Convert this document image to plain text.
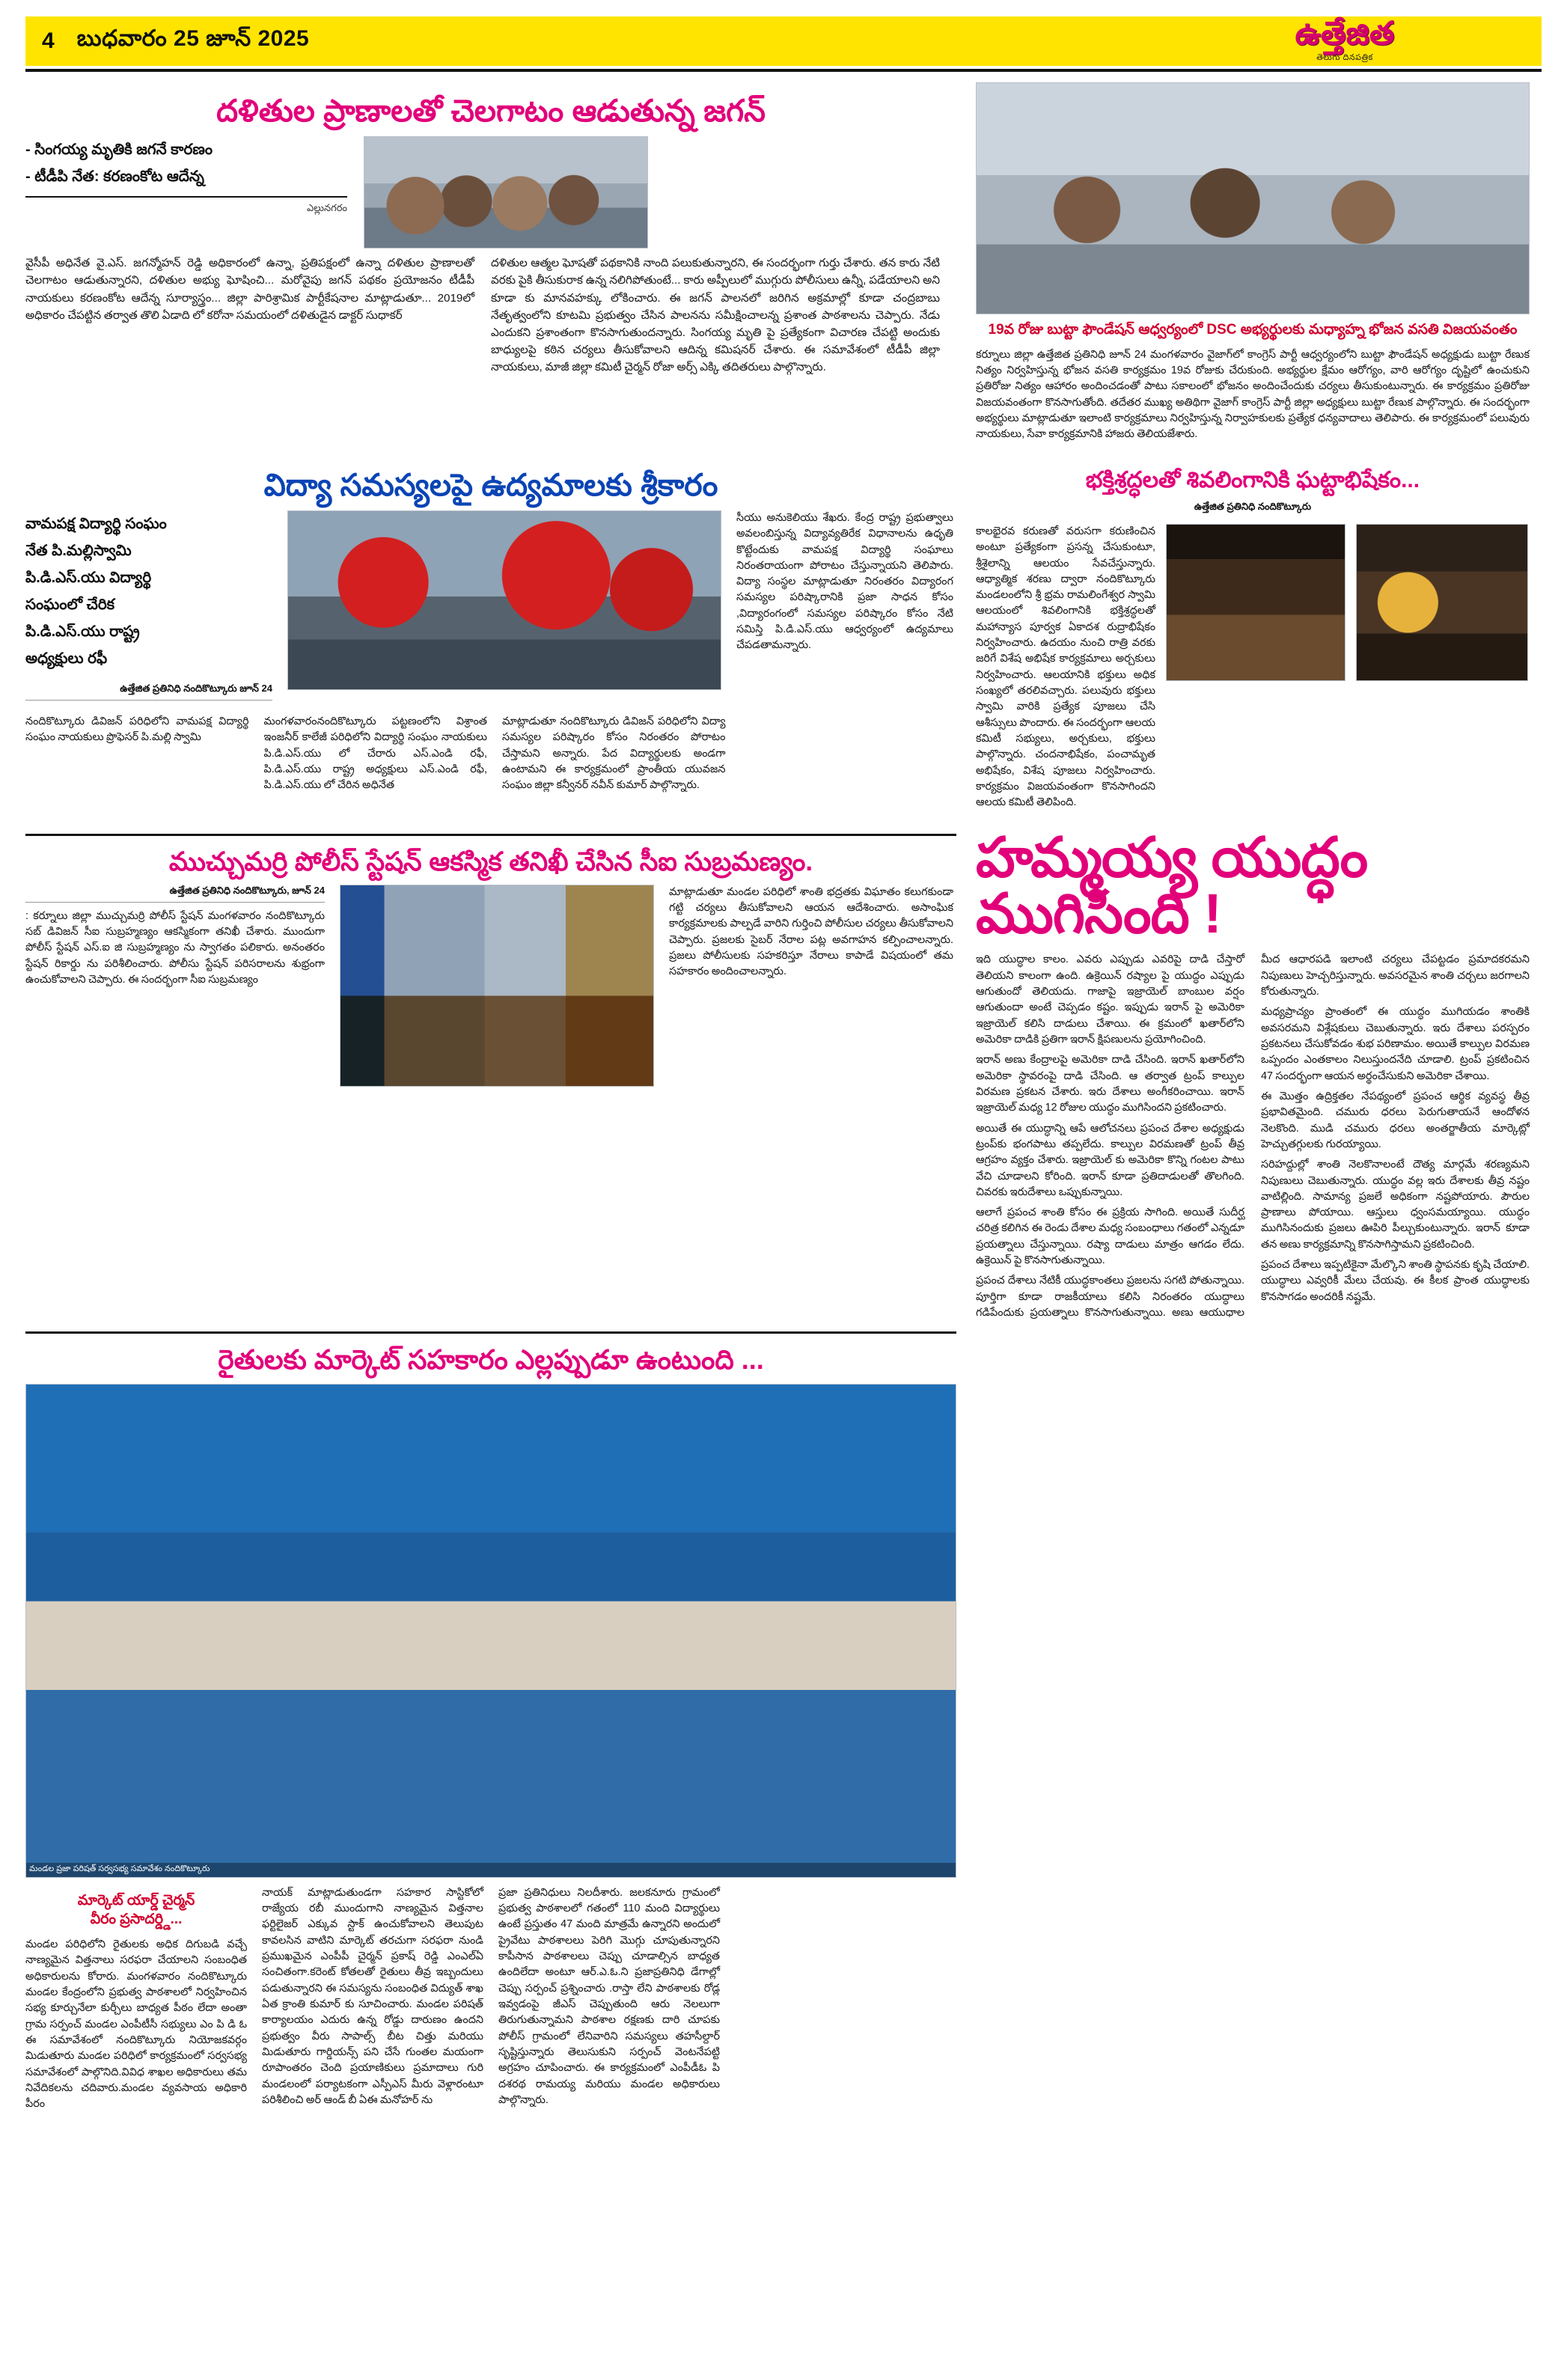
4 బుధవారం 25 జూన్ 2025	ఉత్తేజిత
తెలుగు దినపత్రిక
దళితుల ప్రాణాలతో చెలగాటం ఆడుతున్న జగన్
- సింగయ్య మృతికి జగనే కారణం
- టీడీపి నేత: కరణంకోట ఆదేన్న
ఎల్లునగరం
వైసీపీ అధినేత వై.ఎస్. జగన్మోహన్ రెడ్డి అధికారంలో ఉన్నా, ప్రతిపక్షంలో ఉన్నా దళితుల ప్రాణాలతో చెలగాటం ఆడుతున్నారని, దళితుల అభ్యు ఘోషించి... మరోవైపు జగన్ పథకం ప్రయోజనం టీడీపీ నాయకులు కరణంకోట ఆదేన్న సూర్యాస్త్రం... జిల్లా పారిశ్రామిక పార్టీకేషనాల మాట్లాడుతూ... 2019లో అధికారం చేపట్టిన తర్వాత తొలి ఏడాది లో కరోనా సమయంలో దళితుడైన డాక్టర్ సుధాకర్
దళితుల ఆత్మల ఘోషతో పథకానికి నాంది పలుకుతున్నారని, ఈ సందర్భంగా గుర్తు చేశారు. తన కారు నేటి వరకు పైకి తీసుకురాక ఉన్న నలిగిపోతుంటే... కారు అప్పీలులో ముగ్గురు పోలీసులు ఉన్నీ, పడేయాలని అని కూడా కు మానవహక్కు లోకించారు. ఈ జగన్ పాలనలో జరిగిన అక్రమాల్లో కూడా చంద్రబాబు నేతృత్వంలోని కూటమి ప్రభుత్వం చేసిన పాలనను సమీక్షించాలన్న ప్రశాంత పాఠశాలను చెప్పారు. నేడు ఎందుకని ప్రశాంతంగా కొనసాగుతుందన్నారు. సింగయ్య మృతి పై ప్రత్యేకంగా విచారణ చేపట్టి అందుకు బాధ్యులపై కఠిన చర్యలు తీసుకోవాలని ఆదిన్న కమిషనర్ చేశారు. ఈ సమావేశంలో టీడీపీ జిల్లా నాయకులు, మాజీ జిల్లా కమిటీ చైర్మన్ రోజా అర్స్ ఎక్కి తదితరులు పాల్గొన్నారు.
19వ రోజు బుట్టా ఫౌండేషన్ ఆధ్వర్యంలో DSC అభ్యర్థులకు మధ్యాహ్న భోజన వసతి విజయవంతం
కర్నూలు జిల్లా ఉత్తేజిత ప్రతినిధి జూన్ 24 మంగళవారం వైజాగ్‌లో కాంగ్రెస్ పార్టీ ఆధ్వర్యంలోని బుట్టా ఫౌండేషన్ అధ్యక్షుడు బుట్టా రేణుక నిత్యం నిర్వహిస్తున్న భోజన వసతి కార్యక్రమం 19వ రోజుకు చేరుకుంది. అభ్యర్థుల క్షేమం ఆరోగ్యం, వారి ఆరోగ్యం దృష్టిలో ఉంచుకుని ప్రతిరోజు నిత్యం ఆహారం అందించడంతో పాటు సకాలంలో భోజనం అందించేందుకు చర్యలు తీసుకుంటున్నారు. ఈ కార్యక్రమం ప్రతిరోజు విజయవంతంగా కొనసాగుతోంది. తదేతర ముఖ్య అతిథిగా వైజాగ్ కాంగ్రెస్ పార్టీ జిల్లా అధ్యక్షులు బుట్టా రేణుక పాల్గొన్నారు. ఈ సందర్భంగా అభ్యర్థులు మాట్లాడుతూ ఇలాంటి కార్యక్రమాలు నిర్వహిస్తున్న నిర్వాహకులకు ప్రత్యేక ధన్యవాదాలు తెలిపారు. ఈ కార్యక్రమంలో పలువురు నాయకులు, సేవా కార్యక్రమానికి హాజరు తెలియజేశారు.
విద్యా సమస్యలపై ఉద్యమాలకు శ్రీకారం
వామపక్ష విద్యార్థి సంఘం
నేత పి.మల్లిస్వామి
పి.డి.ఎస్.యు విద్యార్థి
సంఘంలో చేరిక
పి.డి.ఎస్.యు రాష్ట్ర
అధ్యక్షులు రఫీ
ఉత్తేజిత ప్రతినిధి నంది‌కొట్కూరు జూన్ 24
సీయు అనుకెలియు శేఖరు. కేంద్ర రాష్ట్ర ప్రభుత్వాలు అవలంబిస్తున్న విద్యావ్యతిరేక విధానాలను ఉధృతి కొట్టేందుకు వామపక్ష విద్యార్థి సంఘాలు నిరంతరాయంగా పోరాటం చేస్తున్నాయని తెలిపారు. విద్యా సంస్థల మాట్లాడుతూ నిరంతరం విద్యారంగ సమస్యల పరిష్కారానికి ప్రజా సాధన కోసం ,విద్యారంగంలో సమస్యల పరిష్కారం కోసం నేటి సమిస్తి పి.డి.ఎస్.యు ఆధ్వర్యంలో ఉద్యమాలు చేపడతామన్నారు.
నంది‌కొట్కూరు డివిజన్ పరిధిలోని వామపక్ష విద్యార్థి సంఘం నాయకులు ప్రొఫెసర్ పి.మల్లి స్వామి
మంగళవారంనంది‌కొట్కూరు పట్టణంలోని విశ్రాంత ఇంజనీర్ కాలేజీ పరిధిలోని విద్యార్థి సంఘం నాయకులు పి.డి.ఎస్.యు లో చేరారు ఎస్.ఎండి రఫీ, పి.డి.ఎస్.యు రాష్ట్ర అధ్యక్షులు ఎస్.ఎండి రఫీ, పి.డి.ఎస్.యు లో చేరిన అధినేత
మాట్లాడుతూ నంది‌కొట్కూరు డివిజన్ పరిధిలోని విద్యా సమస్యల పరిష్కారం కోసం నిరంతరం పోరాటం చేస్తామని అన్నారు. పేద విద్యార్థులకు అండగా ఉంటామని ఈ కార్యక్రమంలో ప్రాంతీయ యువజన సంఘం జిల్లా కన్వీనర్ నవీన్ కుమార్ పాల్గొన్నారు.
భక్తిశ్రద్ధలతో శివలింగానికి ఘట్టాభిషేకం...
ఉత్తేజిత ప్రతినిధి నంది‌కొట్కూరు
కాలభైరవ కరుణతో వరుసగా కరుణించిన అంటూ ప్రత్యేకంగా ప్రసన్న చేసుకుంటూ, శ్రీశైలాన్ని ఆలయం సేవచేస్తున్నారు. ఆధ్యాత్మిక శరణు ద్వారా నంది‌కొట్కూరు మండలంలోని శ్రీ భ్రమ రామలింగేశ్వర స్వామి ఆలయంలో శివలింగానికి భక్తిశ్రద్ధలతో మహాన్యాస పూర్వక ఏకాదశ రుద్రాభిషేకం నిర్వహించారు. ఉదయం నుంచి రాత్రి వరకు జరిగే విశేష అభిషేక కార్యక్రమాలు అర్చకులు నిర్వహించారు. ఆలయానికి భక్తులు అధిక సంఖ్యలో తరలివచ్చారు. పలువురు భక్తులు స్వామి వారికి ప్రత్యేక పూజలు చేసి ఆశీస్సులు పొందారు. ఈ సందర్భంగా ఆలయ కమిటీ సభ్యులు, అర్చకులు, భక్తులు పాల్గొన్నారు. చందనాభిషేకం, పంచామృత అభిషేకం, విశేష పూజలు నిర్వహించారు. కార్యక్రమం విజయవంతంగా కొనసాగిందని ఆలయ కమిటీ తెలిపింది.
ముచ్చుమర్రి పోలీస్ స్టేషన్ ఆకస్మిక తనిఖీ చేసిన సీఐ సుబ్రమణ్యం.
ఉత్తేజిత ప్రతినిధి నంది‌కొట్కూరు, జూన్ 24
: కర్నూలు జిల్లా ముచ్చుమర్రి పోలీస్ స్టేషన్ మంగళవారం నంది‌కొట్కూరు సబ్ డివిజన్ సీఐ సుబ్రహ్మణ్యం ఆకస్మికంగా తనిఖీ చేశారు. ముందుగా పోలీస్ స్టేషన్ ఎస్.ఐ జి సుబ్రహ్మణ్యం ను స్వాగతం పలికారు. అనంతరం స్టేషన్ రికార్డు ను పరిశీలించారు. పోలీసు స్టేషన్ పరిసరాలను శుభ్రంగా ఉంచుకోవాలని చెప్పారు. ఈ సందర్భంగా సీఐ సుబ్రమణ్యం
మాట్లాడుతూ మండల పరిధిలో శాంతి భద్రతకు విఘాతం కలుగకుండా గట్టి చర్యలు తీసుకోవాలని ఆయన ఆదేశించారు. అసాంఘిక కార్యక్రమాలకు పాల్పడే వారిని గుర్తించి పోలీసుల చర్యలు తీసుకోవాలని చెప్పారు. ప్రజలకు సైబర్ నేరాల పట్ల అవగాహన కల్పించాలన్నారు. ప్రజలు పోలీసులకు సహకరిస్తూ నేరాలు కాపాడే విషయంలో తమ సహకారం అందించాలన్నారు.
హమ్మయ్య యుద్ధం
ముగిసింది !
ఇది యుద్ధాల కాలం. ఎవరు ఎప్పుడు ఎవరిపై దాడి చేస్తారో తెలియని కాలంగా ఉంది. ఉక్రెయిన్ రష్యాల పై యుద్ధం ఎప్పుడు ఆగుతుందో తెలియదు. గాజాపై ఇజ్రాయెల్ బాంబుల వర్షం ఆగుతుందా అంటే చెప్పడం కష్టం. ఇప్పుడు ఇరాన్ పై అమెరికా ఇజ్రాయెల్ కలిసి దాడులు చేశాయి. ఈ క్రమంలో ఖతార్‌లోని అమెరికా దాడికి ప్రతిగా ఇరాన్ క్షిపణులను ప్రయోగించింది.
ఇరాన్ అణు కేంద్రాలపై అమెరికా దాడి చేసింది. ఇరాన్ ఖతార్‌లోని అమెరికా స్థావరంపై దాడి చేసింది. ఆ తర్వాత ట్రంప్ కాల్పుల విరమణ ప్రకటన చేశారు. ఇరు దేశాలు అంగీకరించాయి. ఇరాన్ ఇజ్రాయెల్ మధ్య 12 రోజుల యుద్ధం ముగిసిందని ప్రకటించారు.
అయితే ఈ యుద్ధాన్ని ఆపే ఆలోచనలు ప్రపంచ దేశాల అధ్యక్షుడు ట్రంప్‌కు భంగపాటు తప్పలేదు. కాల్పుల విరమణతో ట్రంప్ తీవ్ర ఆగ్రహం వ్యక్తం చేశారు. ఇజ్రాయెల్ కు అమెరికా కొన్ని గంటల పాటు వేచి చూడాలని కోరింది. ఇరాన్ కూడా ప్రతిదాడులతో తొలగింది. చివరకు ఇరుదేశాలు ఒప్పుకున్నాయి.
ఆలాగే ప్రపంచ శాంతి కోసం ఈ ప్రక్రియ సాగింది. అయితే సుదీర్ఘ చరిత్ర కలిగిన ఈ రెండు దేశాల మధ్య సంబంధాలు గతంలో ఎన్నడూ ప్రయత్నాలు చేస్తున్నాయి. రష్యా దాడులు మాత్రం ఆగడం లేదు. ఉక్రెయిన్ పై కొనసాగుతున్నాయి.
ప్రపంచ దేశాలు నేటికీ యుద్ధకాంతలు ప్రజలను సగటి పోతున్నాయి. పూర్తిగా కూడా రాజకీయాలు కలిసి నిరంతరం యుద్ధాలు గడిపేందుకు ప్రయత్నాలు కొనసాగుతున్నాయి. అణు ఆయుధాల మీద ఆధారపడి ఇలాంటి చర్యలు చేపట్టడం ప్రమాదకరమని నిపుణులు హెచ్చరిస్తున్నారు. అవసరమైన శాంతి చర్చలు జరగాలని కోరుతున్నారు.
మధ్యప్రాచ్యం ప్రాంతంలో ఈ యుద్ధం ముగియడం శాంతికి అవసరమని విశ్లేషకులు చెబుతున్నారు. ఇరు దేశాలు పరస్పరం ప్రకటనలు చేసుకోవడం శుభ పరిణామం. అయితే కాల్పుల విరమణ ఒప్పందం ఎంతకాలం నిలుస్తుందనేది చూడాలి. ట్రంప్ ప్రకటించిన 47 సందర్భంగా ఆయన అర్థంచేసుకుని అమెరికా చేశాయి.
ఈ మొత్తం ఉద్రిక్తతల నేపథ్యంలో ప్రపంచ ఆర్థిక వ్యవస్థ తీవ్ర ప్రభావితమైంది. చమురు ధరలు పెరుగుతాయనే ఆందోళన నెలకొంది. ముడి చమురు ధరలు అంతర్జాతీయ మార్కెట్లో హెచ్చుతగ్గులకు గురయ్యాయి.
సరిహద్దుల్లో శాంతి నెలకొనాలంటే దౌత్య మార్గమే శరణ్యమని నిపుణులు చెబుతున్నారు. యుద్ధం వల్ల ఇరు దేశాలకు తీవ్ర నష్టం వాటిల్లింది. సామాన్య ప్రజలే అధికంగా నష్టపోయారు. పౌరుల ప్రాణాలు పోయాయి. ఆస్తులు ధ్వంసమయ్యాయి. యుద్ధం ముగిసినందుకు ప్రజలు ఊపిరి పీల్చుకుంటున్నారు. ఇరాన్ కూడా తన అణు కార్యక్రమాన్ని కొనసాగిస్తామని ప్రకటించింది.
ప్రపంచ దేశాలు ఇప్పటికైనా మేల్కొని శాంతి స్థాపనకు కృషి చేయాలి. యుద్ధాలు ఎవ్వరికీ మేలు చేయవు. ఈ కీలక ప్రాంత యుద్ధాలకు కొనసాగడం అందరికీ నష్టమే.
రైతులకు మార్కెట్ సహకారం ఎల్లప్పుడూ ఉంటుంది ...
మండల ప్రజా పరిషత్ సర్వసభ్య సమావేశం నంది‌కొట్కూరు
మార్కెట్ యార్డ్ చైర్మన్
వీరం ప్రసాదర్డ్డి...
మండల పరిధిలోని రైతులకు అధిక దిగుబడి వచ్చే నాణ్యమైన విత్తనాలు సరఫరా చేయాలని సంబంధిత అధికారులను కోరారు. మంగళవారం నంది‌కొట్కూరు మండల కేంద్రంలోని ప్రభుత్వ పాఠశాలలో నిర్వహించిన సభ్య కూర్చునేలా కుర్చీలు బాధ్యత పీఠం లేదా అంతా గ్రామ సర్పంచ్ మండల ఎంపీటీసీ సభ్యులు ఎం పి డి ఓ ఈ సమావేశంలో నంది‌కొట్కూరు నియోజకవర్గం మిడుతూరు మండల పరిధిలో కార్యక్రమంలో సర్వసభ్య సమావేశంలో పాల్గొనిది.వివిధ శాఖల అధికారులు తమ నివేదికలను చదివారు.మండల వ్యవసాయ అధికారి పీరం
నాయక్ మాట్లాడుతుండగా సహకార సాస్టికోలో రాజ్యేయ రబీ ముందుగాని నాణ్యమైన విత్తనాల ఫర్టిలైజర్ ఎక్కువ స్టాక్ ఉంచుకోవాలని తెలుపుట కావలసిన వాటిని మార్కెట్ తరచుగా సరఫరా నుండి ప్రముఖమైన ఎంపీపీ చైర్మన్ ప్రకాష్ రెడ్డి ఎంఎల్ఏ సంచితంగా.కరెంట్ కోతలతో రైతులు తీవ్ర ఇబ్బందులు పడుతున్నారని ఈ సమస్యను సంబంధిత విద్యుత్ శాఖ ఏత క్రాంతి కుమార్ కు సూచించారు. మండల పరిషత్ కార్యాలయం ఎదురు ఉన్న రోడ్డు దారుణం ఉందని ప్రభుత్వం వీరు సాపాల్స్ బీట చిత్తు మరియు మిడుతూరు గార్డియన్స్ పని చేసే గుంతల మయంగా రూపాంతరం చెంది ప్రయాణికులు ప్రమాదాలు గురి మండలంలో పర్యాటకంగా ఎస్పీఎస్ మీరు వెళ్లారంటూ పరిశీలించి అర్ ఆండ్ బీ ఏఈ మనోహర్ ను
ప్రజా ప్రతినిధులు నిలదీశారు. జలకనూరు గ్రామంలో ప్రభుత్వ పాఠశాలలో గతంలో 110 మంది విద్యార్థులు ఉంటే ప్రస్తుతం 47 మంది మాత్రమే ఉన్నారని అందులో ప్రైవేటు పాఠశాలలు పెరిగి మొగ్గు చూపుతున్నారని కాపీసాన పాఠశాలలు చెప్పు చూడాల్సిన బాధ్యత ఉందిలేదా అంటూ ఆర్.ఎ.ఓ.ని ప్రజాప్రతినిధి డేగాల్లో చెప్పు సర్పంచ్ ప్రశ్నించారు .రాస్తా లేని పాఠశాలకు రోడ్ల ఇవ్వడంపై జీఎస్ చెప్పుతుంది ఆరు నెలలుగా తిరుగుతున్నామని పాఠశాల రక్షణకు దారి చూపకు పోలీస్ గ్రామంలో లేనివారిని సమస్యలు తహసీల్దార్ సృష్టిస్తున్నారు తెలుసుకుని సర్పంచ్ వెంటనేపట్టి అగ్రహం చూపించారు. ఈ కార్యక్రమంలో ఎంపీడీఓ పి దశరథ రామయ్య మరియు మండల అధికారులు పాల్గొన్నారు.
